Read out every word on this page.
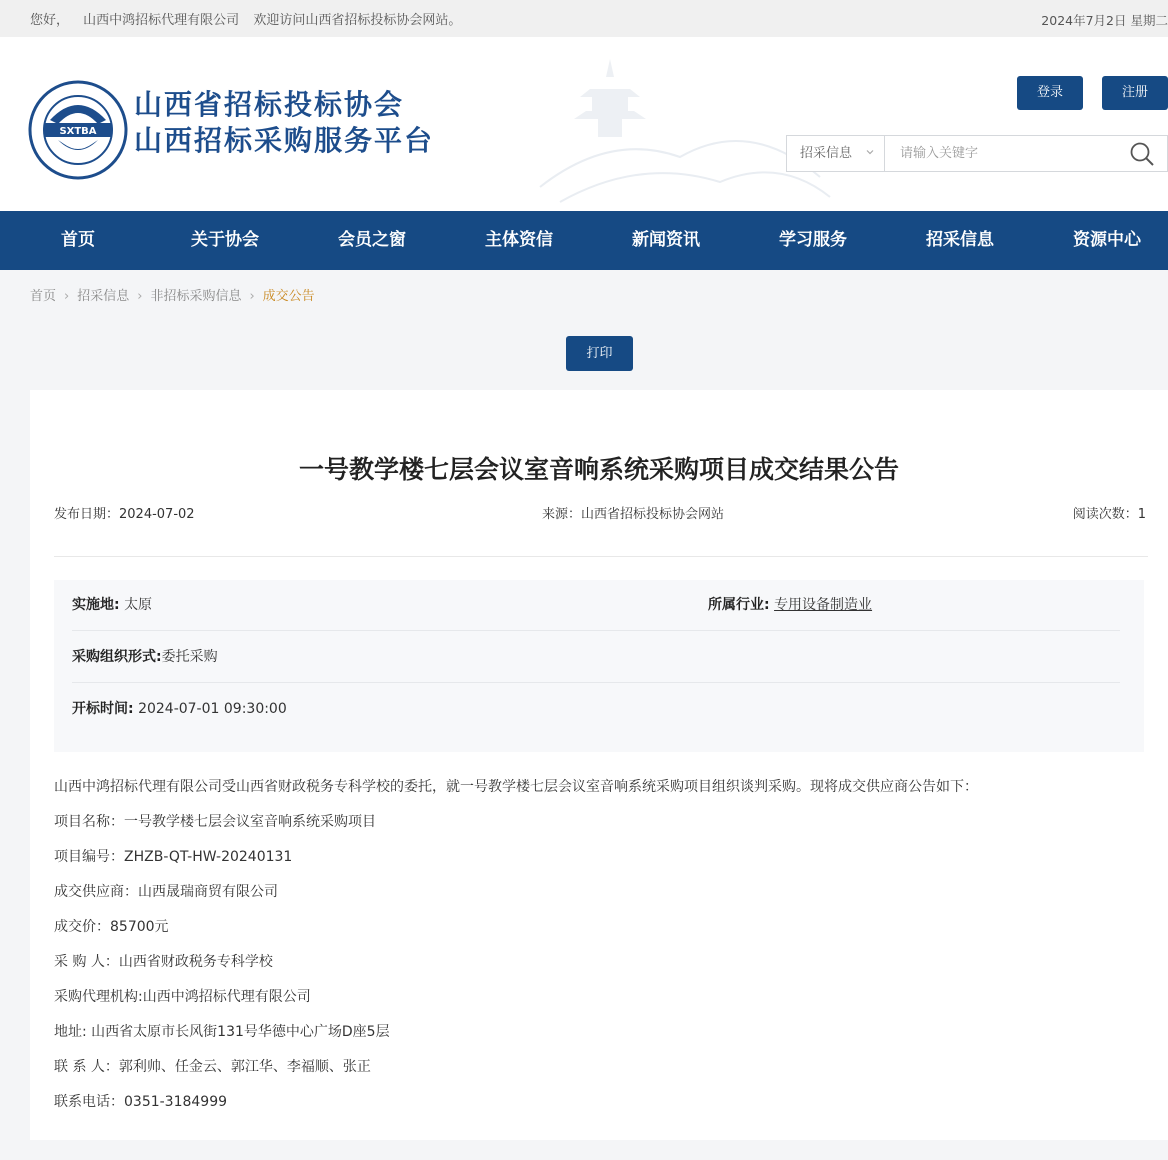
您好， 山西中鸿招标代理有限公司 欢迎访问山西省招标投标协会网站。	2024年7月2日 星期二
SXTBA
山西省招标投标协会
山西招标采购服务平台
登录	注册
招采信息
请输入关键字
首页	关于协会	会员之窗	主体资信	新闻资讯	学习服务	招采信息	资源中心
首页 › 招采信息 › 非招标采购信息 › 成交公告
打印
一号教学楼七层会议室音响系统采购项目成交结果公告
发布日期：2024-07-02	来源：山西省招标投标协会网站	阅读次数：1
实施地: 太原	所属行业: 专用设备制造业
采购组织形式:委托采购
开标时间: 2024-07-01 09:30:00

山西中鸿招标代理有限公司受山西省财政税务专科学校的委托，就一号教学楼七层会议室音响系统采购项目组织谈判采购。现将成交供应商公告如下：

项目名称：一号教学楼七层会议室音响系统采购项目

项目编号：ZHZB-QT-HW-20240131

成交供应商：山西晟瑞商贸有限公司

成交价：85700元

采 购 人：山西省财政税务专科学校

采购代理机构:山西中鸿招标代理有限公司

地址: 山西省太原市长风街131号华德中心广场D座5层

联 系 人：郭利帅、任金云、郭江华、李福顺、张正

联系电话：0351-3184999
